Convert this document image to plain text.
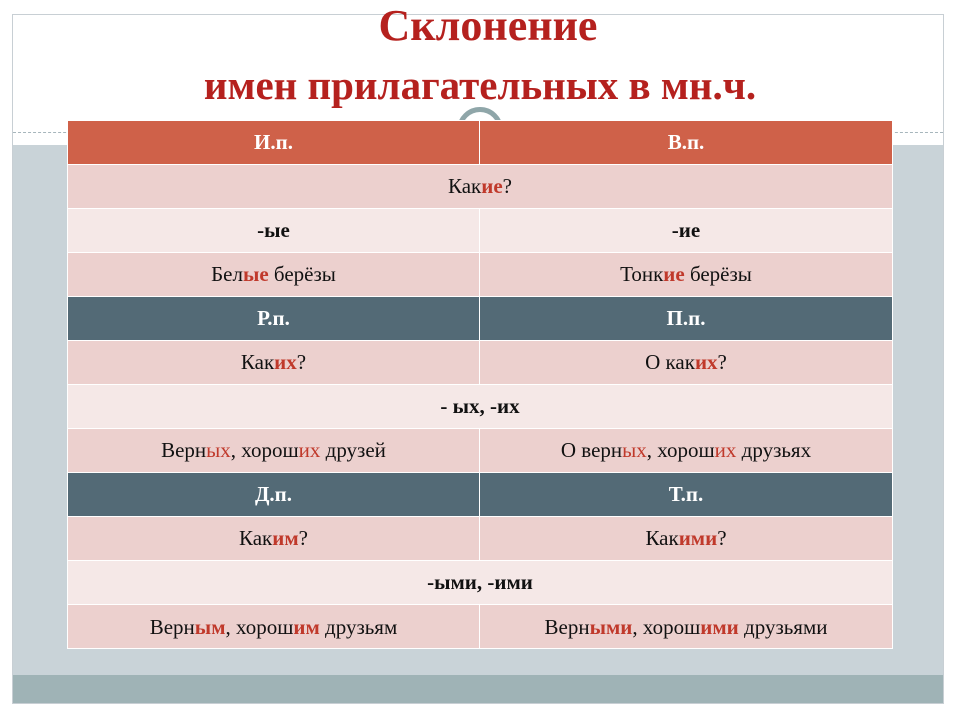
Склонение
имен прилагательных в мн.ч.
И.п.	В.п.
Какие?	
-ые	-ие
Белые берёзы	Тонкие берёзы
Р.п.	П.п.
Каких?	О каких?
- ых, -их	
Верных, хороших друзей	О верных, хороших друзьях
Д.п.	Т.п.
Каким?	Какими?
-ыми, -ими	
Верным, хорошим друзьям	Верными, хорошими друзьями
